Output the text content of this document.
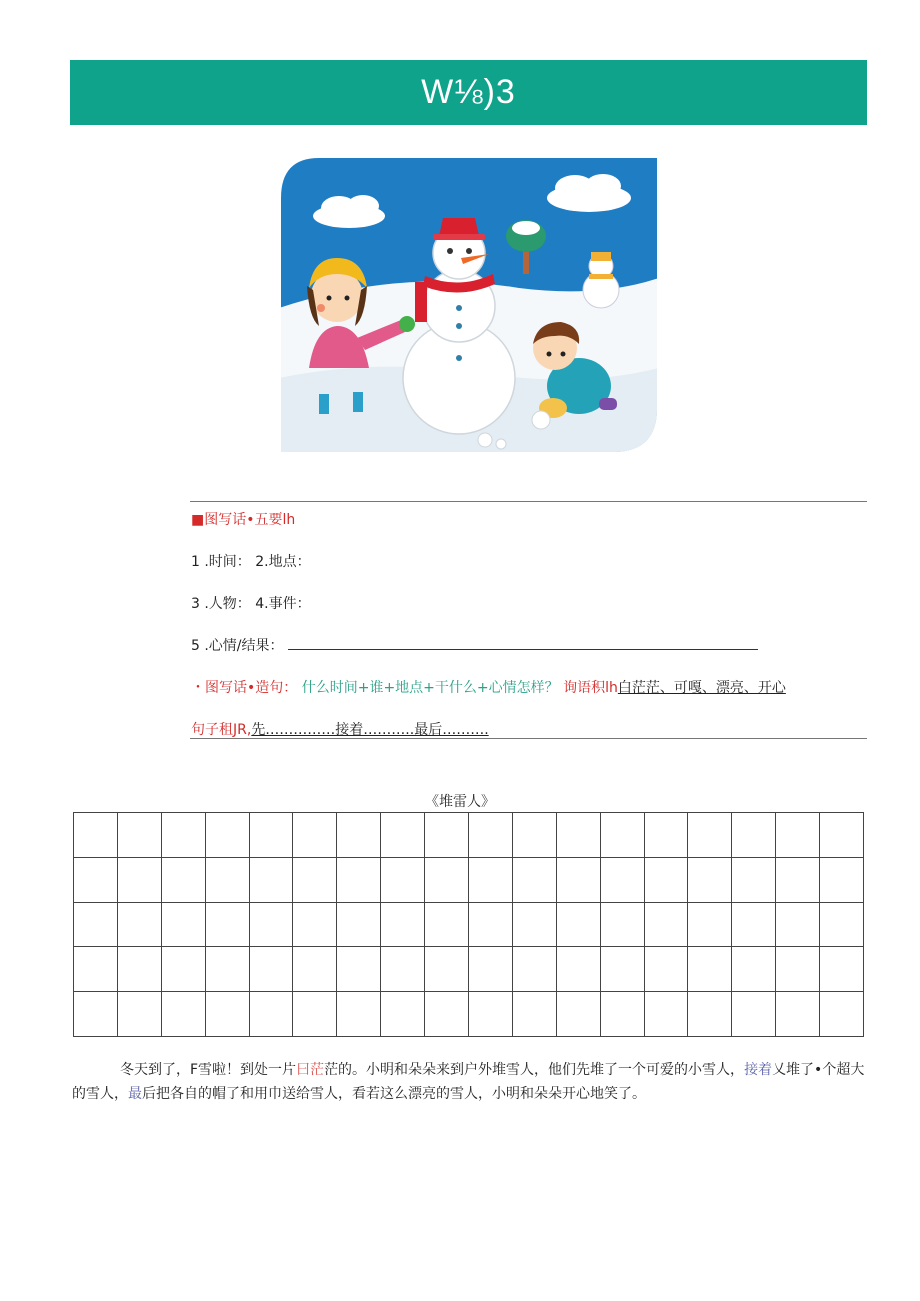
W⅛)3
■图写话•五要lh
1 .时间： 2.地点：
3 .人物： 4.事件：
5 .心情/结果：
・图写话•造句： 什么时间+谁+地点+干什么+心情怎样？ 询语积lh白茫茫、可嘎、漂亮、开心
句子租JR,先……………接着………..最后……….
《堆雷人》
冬天到了，F雪啦！到处一片曰茫茫的。小明和朵朵来到户外堆雪人，他们先堆了一个可爱的小雪人，接着乂堆了•个超大的雪人，最后把各自的帽了和用巾送给雪人，看若这么漂亮的雪人，小明和朵朵开心地笑了。
